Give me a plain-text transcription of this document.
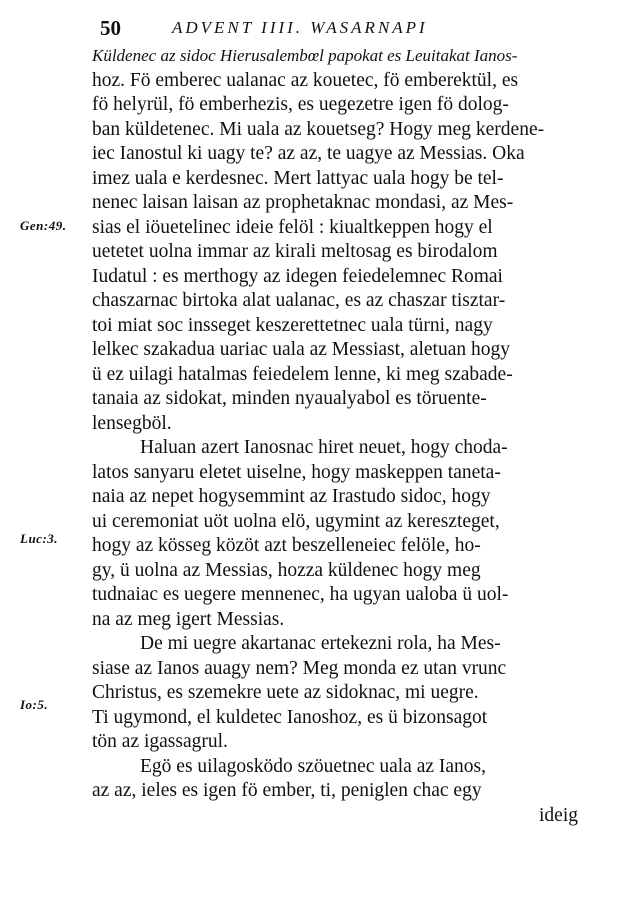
50	ADVENT IIII. WASARNAPI
Gen:49.
Luc:3.
Io:5.
Küldenec az sidoc Hierusalembœl papokat es Leuitakat Ianos-
hoz. Fö emberec ualanac az kouetec, fö emberektül, es
fö helyrül, fö emberhezis, es uegezetre igen fö dolog-
ban küldetenec. Mi uala az kouetseg? Hogy meg kerdene-
iec Ianostul ki uagy te? az az, te uagye az Messias. Oka
imez uala e kerdesnec. Mert lattyac uala hogy be tel-
nenec laisan laisan az prophetaknac mondasi, az Mes-
sias el iöuetelinec ideie felöl : kiualtkeppen hogy el
uetetet uolna immar az kirali meltosag es birodalom
Iudatul : es merthogy az idegen feiedelemnec Romai
chaszarnac birtoka alat ualanac, es az chaszar tisztar-
toi miat soc insseget keszerettetnec uala türni, nagy
lelkec szakadua uariac uala az Messiast, aletuan hogy
ü ez uilagi hatalmas feiedelem lenne, ki meg szabade-
tanaia az sidokat, minden nyaualyabol es töruente-
lensegböl.
Haluan azert Ianosnac hiret neuet, hogy choda-
latos sanyaru eletet uiselne, hogy maskeppen taneta-
naia az nepet hogysemmint az Irastudo sidoc, hogy
ui ceremoniat uöt uolna elö, ugymint az kereszteget,
hogy az kösseg közöt azt beszelleneiec felöle, ho-
gy, ü uolna az Messias, hozza küldenec hogy meg
tudnaiac es uegere mennenec, ha ugyan ualoba ü uol-
na az meg igert Messias.
De mi uegre akartanac ertekezni rola, ha Mes-
siase az Ianos auagy nem? Meg monda ez utan vrunc
Christus, es szemekre uete az sidoknac, mi uegre.
Ti ugymond, el kuldetec Ianoshoz, es ü bizonsagot
tön az igassagrul.
Egö es uilagosködo szöuetnec uala az Ianos,
az az, ieles es igen fö ember, ti, peniglen chac egy
ideig
